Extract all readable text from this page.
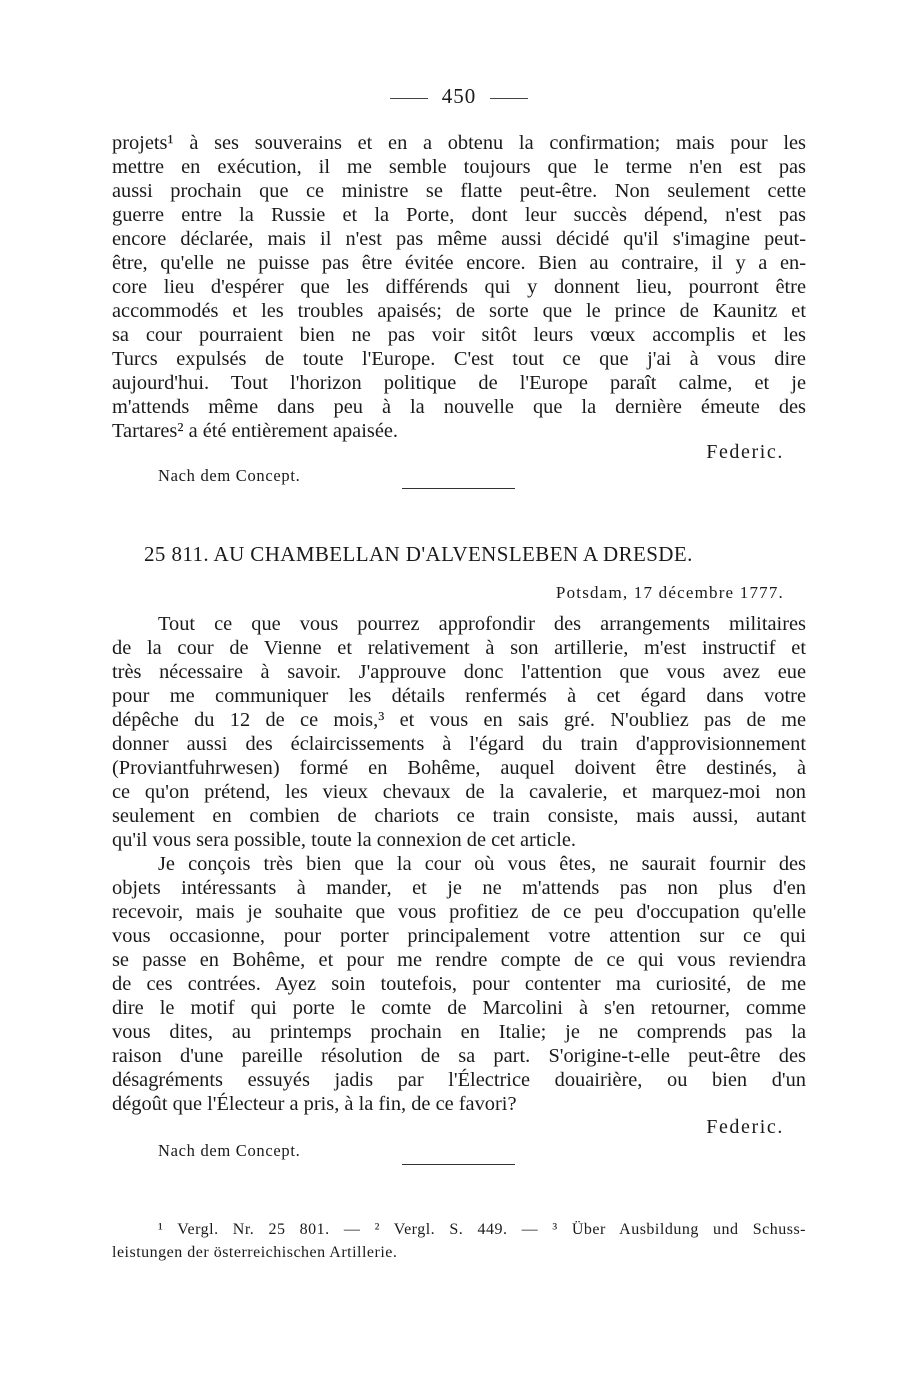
450
projets¹ à ses souverains et en a obtenu la confirmation; mais pour les
mettre en exécution, il me semble toujours que le terme n'en est pas
aussi prochain que ce ministre se flatte peut-être. Non seulement cette
guerre entre la Russie et la Porte, dont leur succès dépend, n'est pas
encore déclarée, mais il n'est pas même aussi décidé qu'il s'imagine peut-
être, qu'elle ne puisse pas être évitée encore. Bien au contraire, il y a en-
core lieu d'espérer que les différends qui y donnent lieu, pourront être
accommodés et les troubles apaisés; de sorte que le prince de Kaunitz et
sa cour pourraient bien ne pas voir sitôt leurs vœux accomplis et les
Turcs expulsés de toute l'Europe. C'est tout ce que j'ai à vous dire
aujourd'hui. Tout l'horizon politique de l'Europe paraît calme, et je
m'attends même dans peu à la nouvelle que la dernière émeute des
Tartares² a été entièrement apaisée.
Federic.
Nach dem Concept.
25 811. AU CHAMBELLAN D'ALVENSLEBEN A DRESDE.
Potsdam, 17 décembre 1777.
Tout ce que vous pourrez approfondir des arrangements militaires
de la cour de Vienne et relativement à son artillerie, m'est instructif et
très nécessaire à savoir. J'approuve donc l'attention que vous avez eue
pour me communiquer les détails renfermés à cet égard dans votre
dépêche du 12 de ce mois,³ et vous en sais gré. N'oubliez pas de me
donner aussi des éclaircissements à l'égard du train d'approvisionnement
(Proviantfuhrwesen) formé en Bohême, auquel doivent être destinés, à
ce qu'on prétend, les vieux chevaux de la cavalerie, et marquez-moi non
seulement en combien de chariots ce train consiste, mais aussi, autant
qu'il vous sera possible, toute la connexion de cet article.
Je conçois très bien que la cour où vous êtes, ne saurait fournir des
objets intéressants à mander, et je ne m'attends pas non plus d'en
recevoir, mais je souhaite que vous profitiez de ce peu d'occupation qu'elle
vous occasionne, pour porter principalement votre attention sur ce qui
se passe en Bohême, et pour me rendre compte de ce qui vous reviendra
de ces contrées. Ayez soin toutefois, pour contenter ma curiosité, de me
dire le motif qui porte le comte de Marcolini à s'en retourner, comme
vous dites, au printemps prochain en Italie; je ne comprends pas la
raison d'une pareille résolution de sa part. S'origine-t-elle peut-être des
désagréments essuyés jadis par l'Électrice douairière, ou bien d'un
dégoût que l'Électeur a pris, à la fin, de ce favori?
Federic.
Nach dem Concept.
¹ Vergl. Nr. 25 801. — ² Vergl. S. 449. — ³ Über Ausbildung und Schuss-
leistungen der österreichischen Artillerie.
